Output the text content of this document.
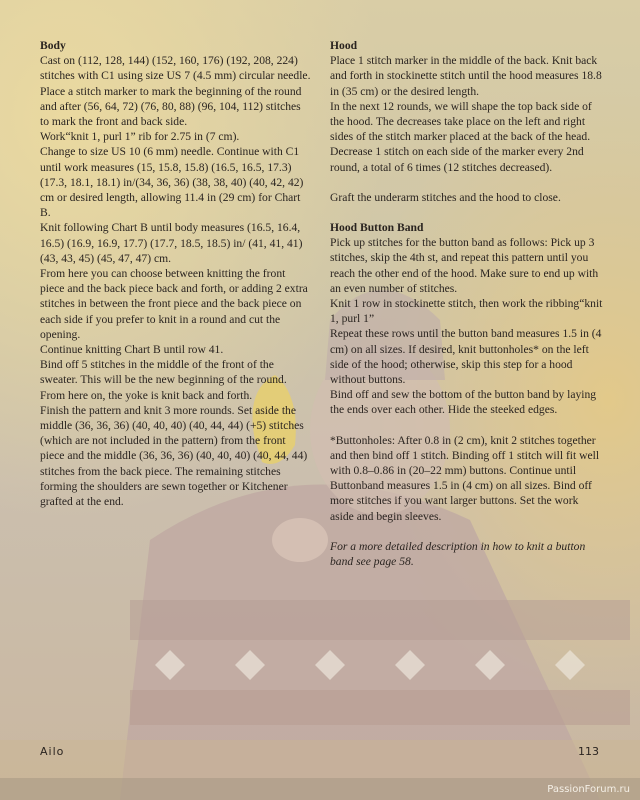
Body

Cast on (112, 128, 144) (152, 160, 176) (192, 208, 224) stitches with C1 using size US 7 (4.5 mm) circular needle. Place a stitch marker to mark the beginning of the round and after (56, 64, 72) (76, 80, 88) (96, 104, 112) stitches to mark the front and back side.

Work“knit 1, purl 1” rib for 2.75 in (7 cm).

Change to size US 10 (6 mm) needle. Continue with C1 until work measures (15, 15.8, 15.8) (16.5, 16.5, 17.3) (17.3, 18.1, 18.1) in/(34, 36, 36) (38, 38, 40) (40, 42, 42) cm or desired length, allowing 11.4 in (29 cm) for Chart B.

Knit following Chart B until body measures (16.5, 16.4, 16.5) (16.9, 16.9, 17.7) (17.7, 18.5, 18.5) in/ (41, 41, 41) (43, 43, 45) (45, 47, 47) cm.

From here you can choose between knitting the front piece and the back piece back and forth, or adding 2 extra stitches in between the front piece and the back piece on each side if you prefer to knit in a round and cut the opening.

Continue knitting Chart B until row 41.

Bind off 5 stitches in the middle of the front of the sweater. This will be the new beginning of the round.

From here on, the yoke is knit back and forth.

Finish the pattern and knit 3 more rounds. Set aside the middle (36, 36, 36) (40, 40, 40) (40, 44, 44) (+5) stitches (which are not included in the pattern) from the front piece and the middle (36, 36, 36) (40, 40, 40) (40, 44, 44) stitches from the back piece. The remaining stitches forming the shoulders are sewn together or Kitchener grafted at the end.

Hood

Place 1 stitch marker in the middle of the back. Knit back and forth in stockinette stitch until the hood measures 18.8 in (35 cm) or the desired length.

In the next 12 rounds, we will shape the top back side of the hood. The decreases take place on the left and right sides of the stitch marker placed at the back of the head. Decrease 1 stitch on each side of the marker every 2nd round, a total of 6 times (12 stitches decreased).

Graft the underarm stitches and the hood to close.

Hood Button Band

Pick up stitches for the button band as follows: Pick up 3 stitches, skip the 4th st, and repeat this pattern until you reach the other end of the hood. Make sure to end up with an even number of stitches.

Knit 1 row in stockinette stitch, then work the ribbing“knit 1, purl 1”

Repeat these rows until the button band measures 1.5 in (4 cm) on all sizes. If desired, knit buttonholes* on the left side of the hood; otherwise, skip this step for a hood without buttons.

Bind off and sew the bottom of the button band by laying the ends over each other. Hide the steeked edges.

*Buttonholes: After 0.8 in (2 cm), knit 2 stitches together and then bind off 1 stitch. Binding off 1 stitch will fit well with 0.8–0.86 in (20–22 mm) buttons. Continue until Buttonband measures 1.5 in (4 cm) on all sizes. Bind off more stitches if you want larger buttons. Set the work aside and begin sleeves.

For a more detailed description in how to knit a button band see page 58.

Ailo	113
PassionForum.ru
